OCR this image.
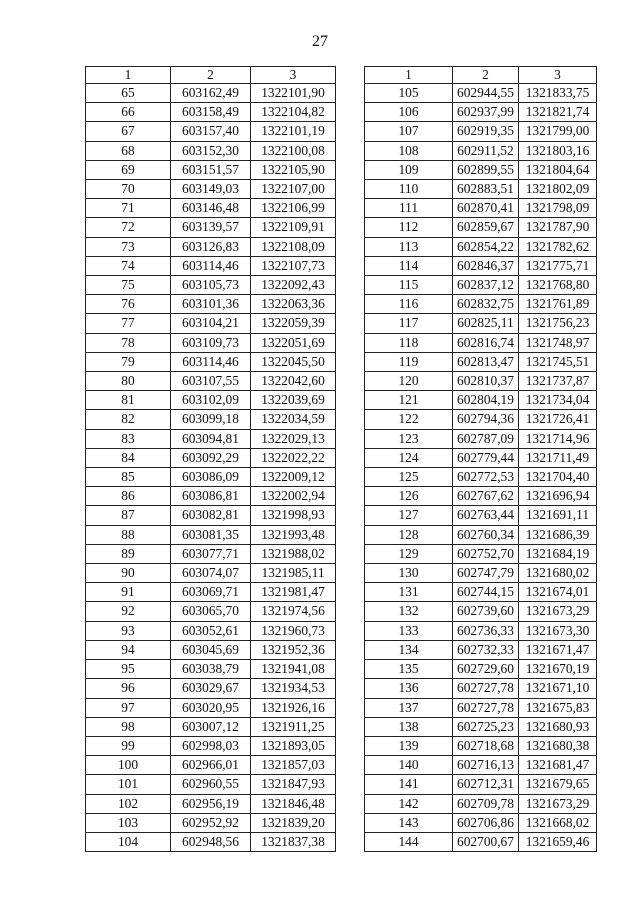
27
1	2	3
65	603162,49	1322101,90
66	603158,49	1322104,82
67	603157,40	1322101,19
68	603152,30	1322100,08
69	603151,57	1322105,90
70	603149,03	1322107,00
71	603146,48	1322106,99
72	603139,57	1322109,91
73	603126,83	1322108,09
74	603114,46	1322107,73
75	603105,73	1322092,43
76	603101,36	1322063,36
77	603104,21	1322059,39
78	603109,73	1322051,69
79	603114,46	1322045,50
80	603107,55	1322042,60
81	603102,09	1322039,69
82	603099,18	1322034,59
83	603094,81	1322029,13
84	603092,29	1322022,22
85	603086,09	1322009,12
86	603086,81	1322002,94
87	603082,81	1321998,93
88	603081,35	1321993,48
89	603077,71	1321988,02
90	603074,07	1321985,11
91	603069,71	1321981,47
92	603065,70	1321974,56
93	603052,61	1321960,73
94	603045,69	1321952,36
95	603038,79	1321941,08
96	603029,67	1321934,53
97	603020,95	1321926,16
98	603007,12	1321911,25
99	602998,03	1321893,05
100	602966,01	1321857,03
101	602960,55	1321847,93
102	602956,19	1321846,48
103	602952,92	1321839,20
104	602948,56	1321837,38
1	2	3
105	602944,55	1321833,75
106	602937,99	1321821,74
107	602919,35	1321799,00
108	602911,52	1321803,16
109	602899,55	1321804,64
110	602883,51	1321802,09
111	602870,41	1321798,09
112	602859,67	1321787,90
113	602854,22	1321782,62
114	602846,37	1321775,71
115	602837,12	1321768,80
116	602832,75	1321761,89
117	602825,11	1321756,23
118	602816,74	1321748,97
119	602813,47	1321745,51
120	602810,37	1321737,87
121	602804,19	1321734,04
122	602794,36	1321726,41
123	602787,09	1321714,96
124	602779,44	1321711,49
125	602772,53	1321704,40
126	602767,62	1321696,94
127	602763,44	1321691,11
128	602760,34	1321686,39
129	602752,70	1321684,19
130	602747,79	1321680,02
131	602744,15	1321674,01
132	602739,60	1321673,29
133	602736,33	1321673,30
134	602732,33	1321671,47
135	602729,60	1321670,19
136	602727,78	1321671,10
137	602727,78	1321675,83
138	602725,23	1321680,93
139	602718,68	1321680,38
140	602716,13	1321681,47
141	602712,31	1321679,65
142	602709,78	1321673,29
143	602706,86	1321668,02
144	602700,67	1321659,46
